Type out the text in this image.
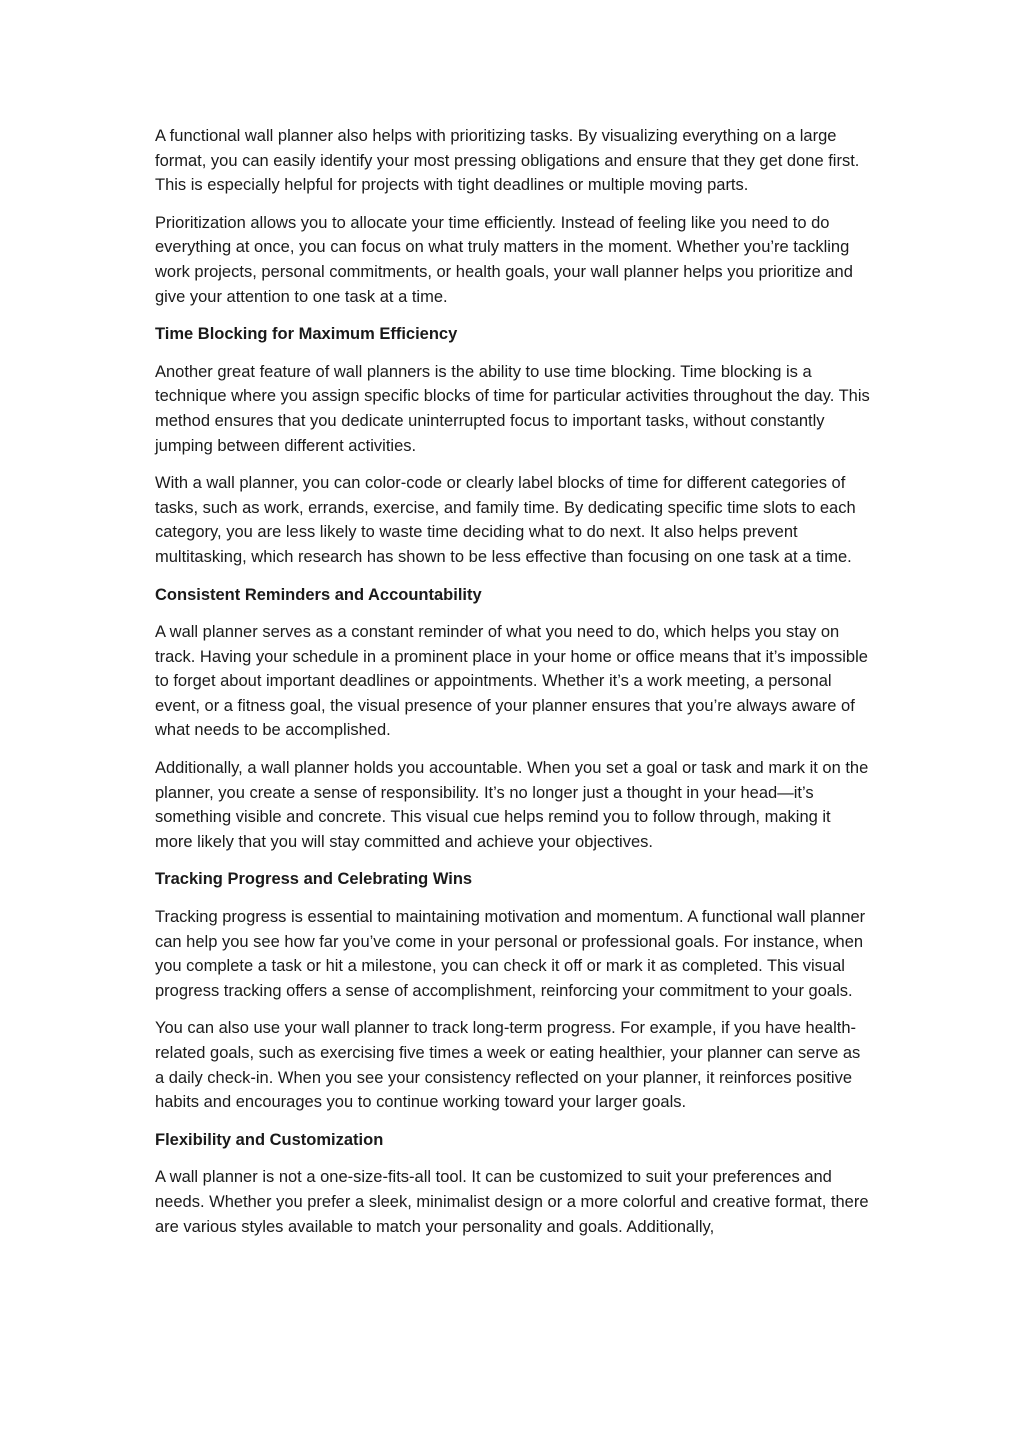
A functional wall planner also helps with prioritizing tasks. By visualizing everything on a large format, you can easily identify your most pressing obligations and ensure that they get done first. This is especially helpful for projects with tight deadlines or multiple moving parts.

Prioritization allows you to allocate your time efficiently. Instead of feeling like you need to do everything at once, you can focus on what truly matters in the moment. Whether you’re tackling work projects, personal commitments, or health goals, your wall planner helps you prioritize and give your attention to one task at a time.

Time Blocking for Maximum Efficiency

Another great feature of wall planners is the ability to use time blocking. Time blocking is a technique where you assign specific blocks of time for particular activities throughout the day. This method ensures that you dedicate uninterrupted focus to important tasks, without constantly jumping between different activities.

With a wall planner, you can color-code or clearly label blocks of time for different categories of tasks, such as work, errands, exercise, and family time. By dedicating specific time slots to each category, you are less likely to waste time deciding what to do next. It also helps prevent multitasking, which research has shown to be less effective than focusing on one task at a time.

Consistent Reminders and Accountability

A wall planner serves as a constant reminder of what you need to do, which helps you stay on track. Having your schedule in a prominent place in your home or office means that it’s impossible to forget about important deadlines or appointments. Whether it’s a work meeting, a personal event, or a fitness goal, the visual presence of your planner ensures that you’re always aware of what needs to be accomplished.

Additionally, a wall planner holds you accountable. When you set a goal or task and mark it on the planner, you create a sense of responsibility. It’s no longer just a thought in your head—it’s something visible and concrete. This visual cue helps remind you to follow through, making it more likely that you will stay committed and achieve your objectives.

Tracking Progress and Celebrating Wins

Tracking progress is essential to maintaining motivation and momentum. A functional wall planner can help you see how far you’ve come in your personal or professional goals. For instance, when you complete a task or hit a milestone, you can check it off or mark it as completed. This visual progress tracking offers a sense of accomplishment, reinforcing your commitment to your goals.

You can also use your wall planner to track long-term progress. For example, if you have health-related goals, such as exercising five times a week or eating healthier, your planner can serve as a daily check-in. When you see your consistency reflected on your planner, it reinforces positive habits and encourages you to continue working toward your larger goals.

Flexibility and Customization

A wall planner is not a one-size-fits-all tool. It can be customized to suit your preferences and needs. Whether you prefer a sleek, minimalist design or a more colorful and creative format, there are various styles available to match your personality and goals. Additionally,
